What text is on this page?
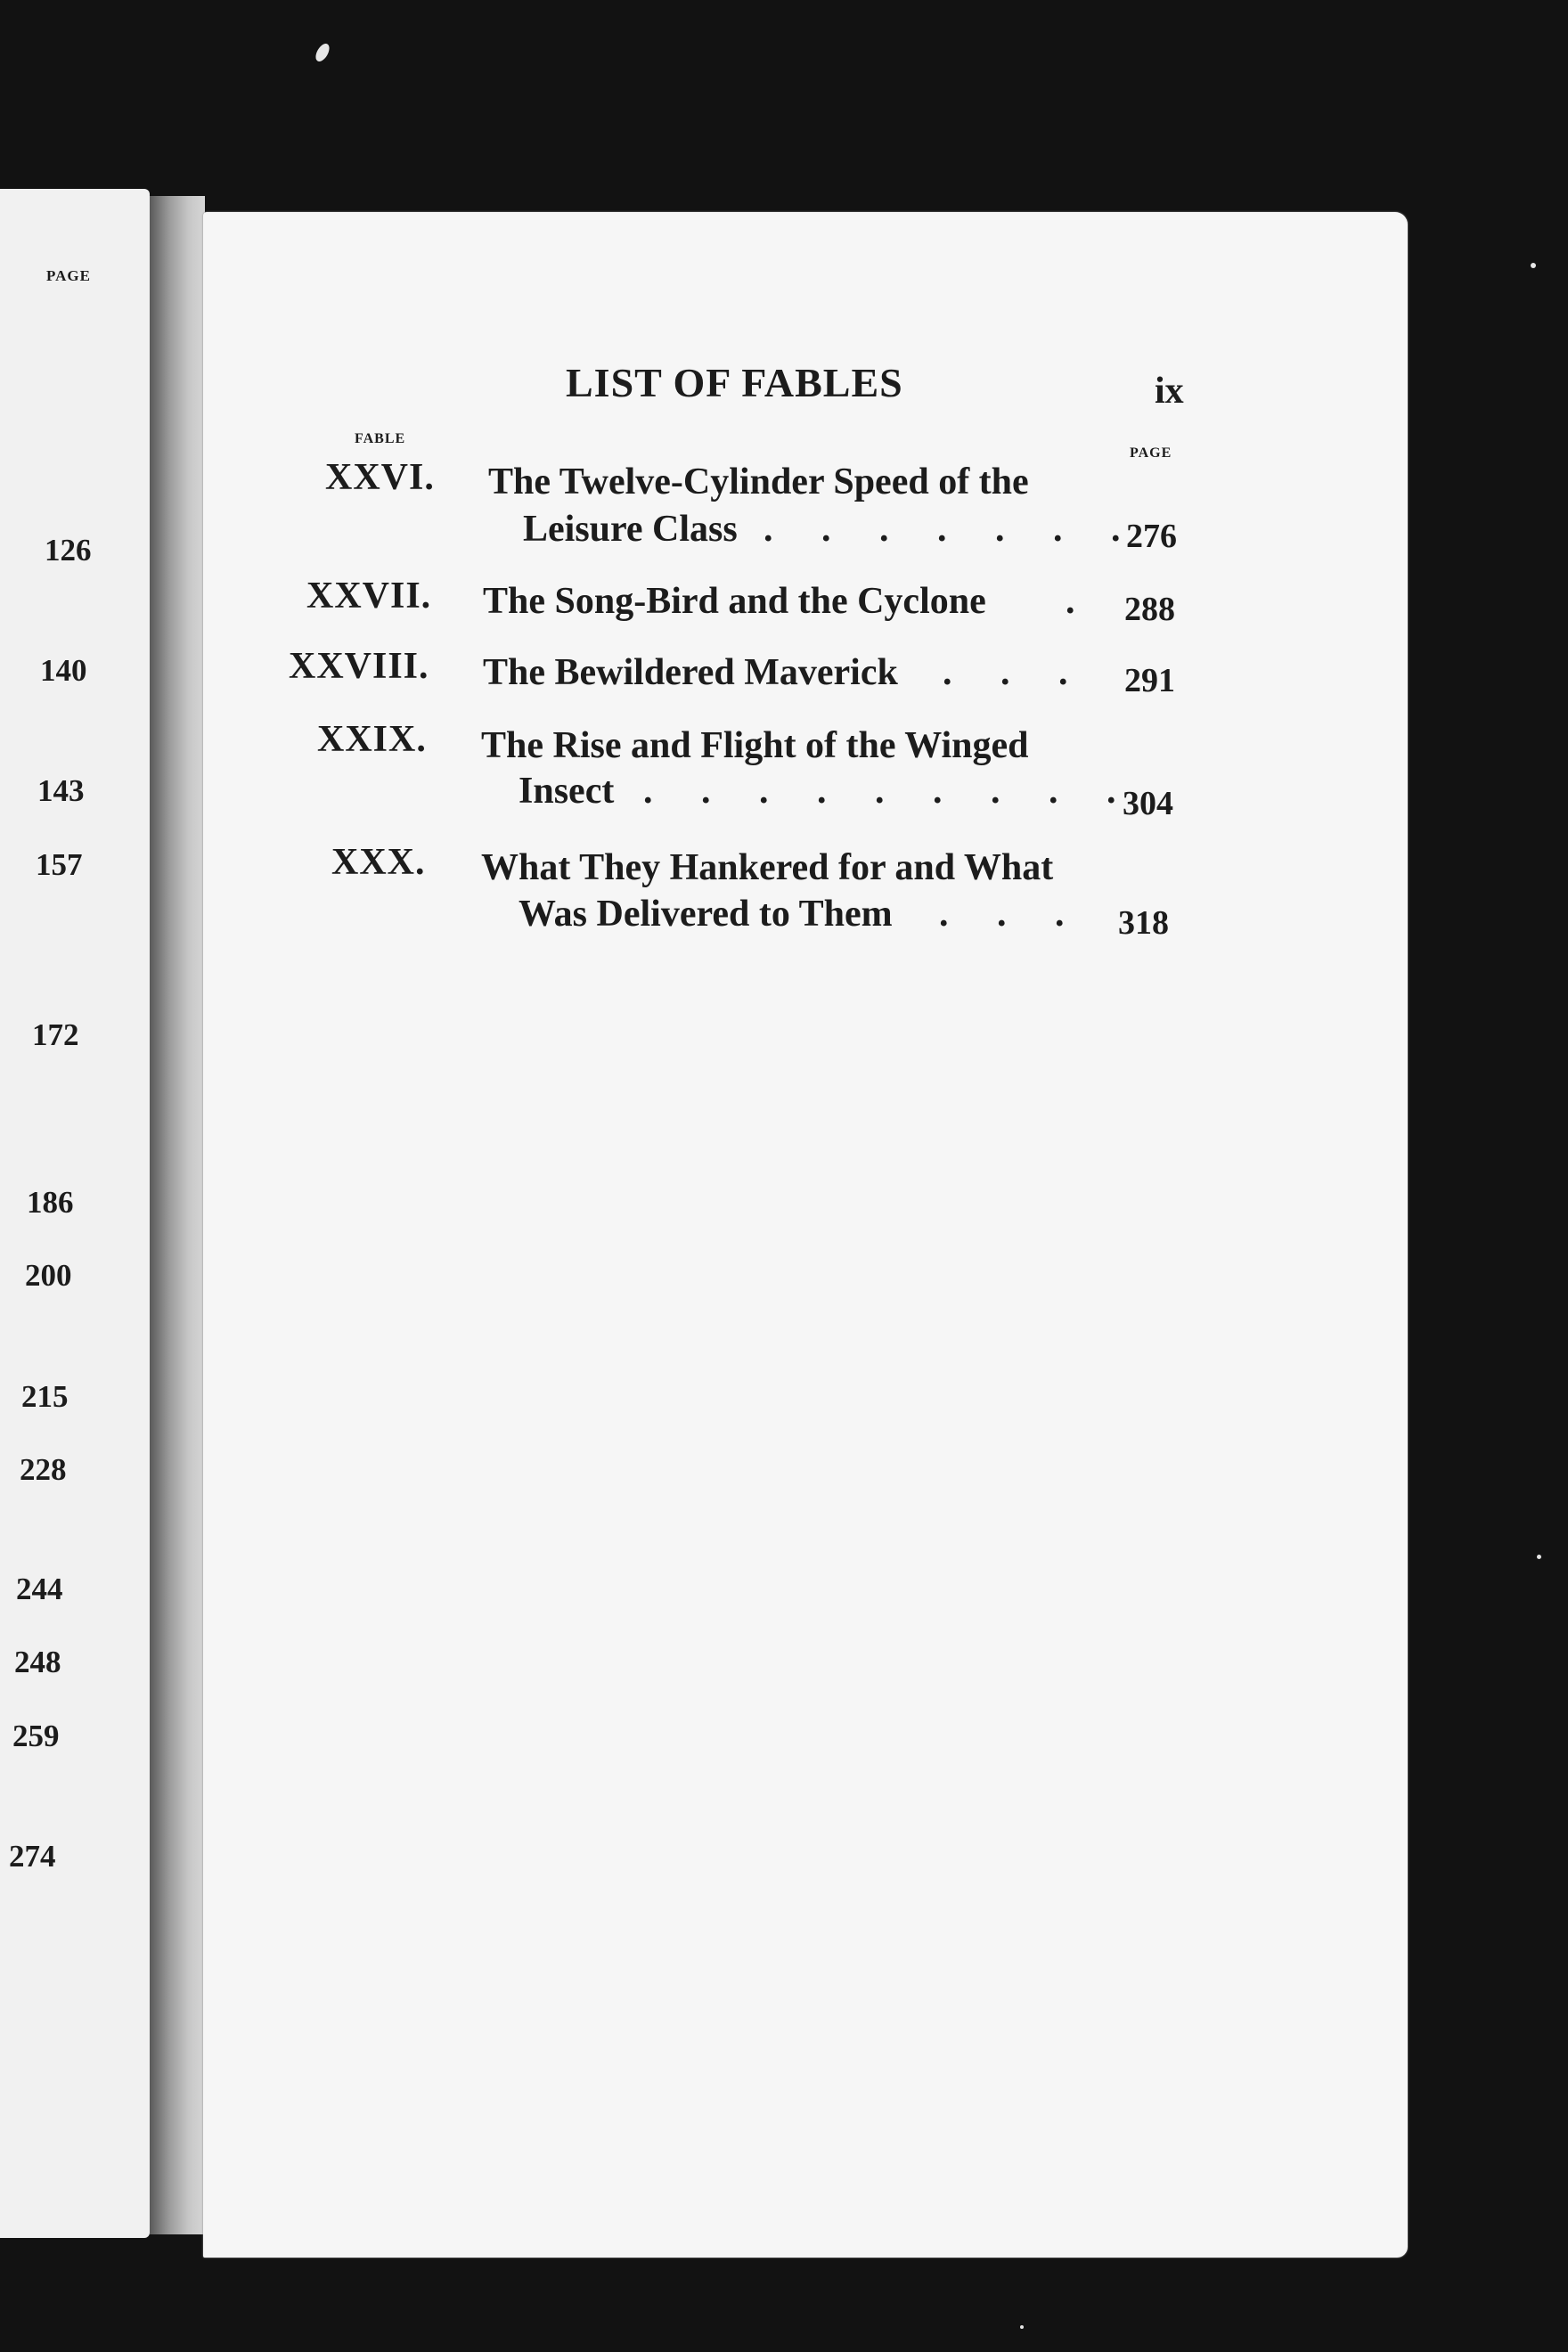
PAGE
126
140
143
157
172
186
200
215
228
244
248
259
274
LIST OF FABLES	ix
FABLE
PAGE
XXVI. The Twelve-Cylinder Speed of the
Leisure Class . . . . . . .
276
XXVII. The Song-Bird and the Cyclone . 288
XXVIII. The Bewildered Maverick . . . 291
XXIX. The Rise and Flight of the Winged
Insect . . . . . . . . .
304
XXX. What They Hankered for and What
Was Delivered to Them . . . 318
